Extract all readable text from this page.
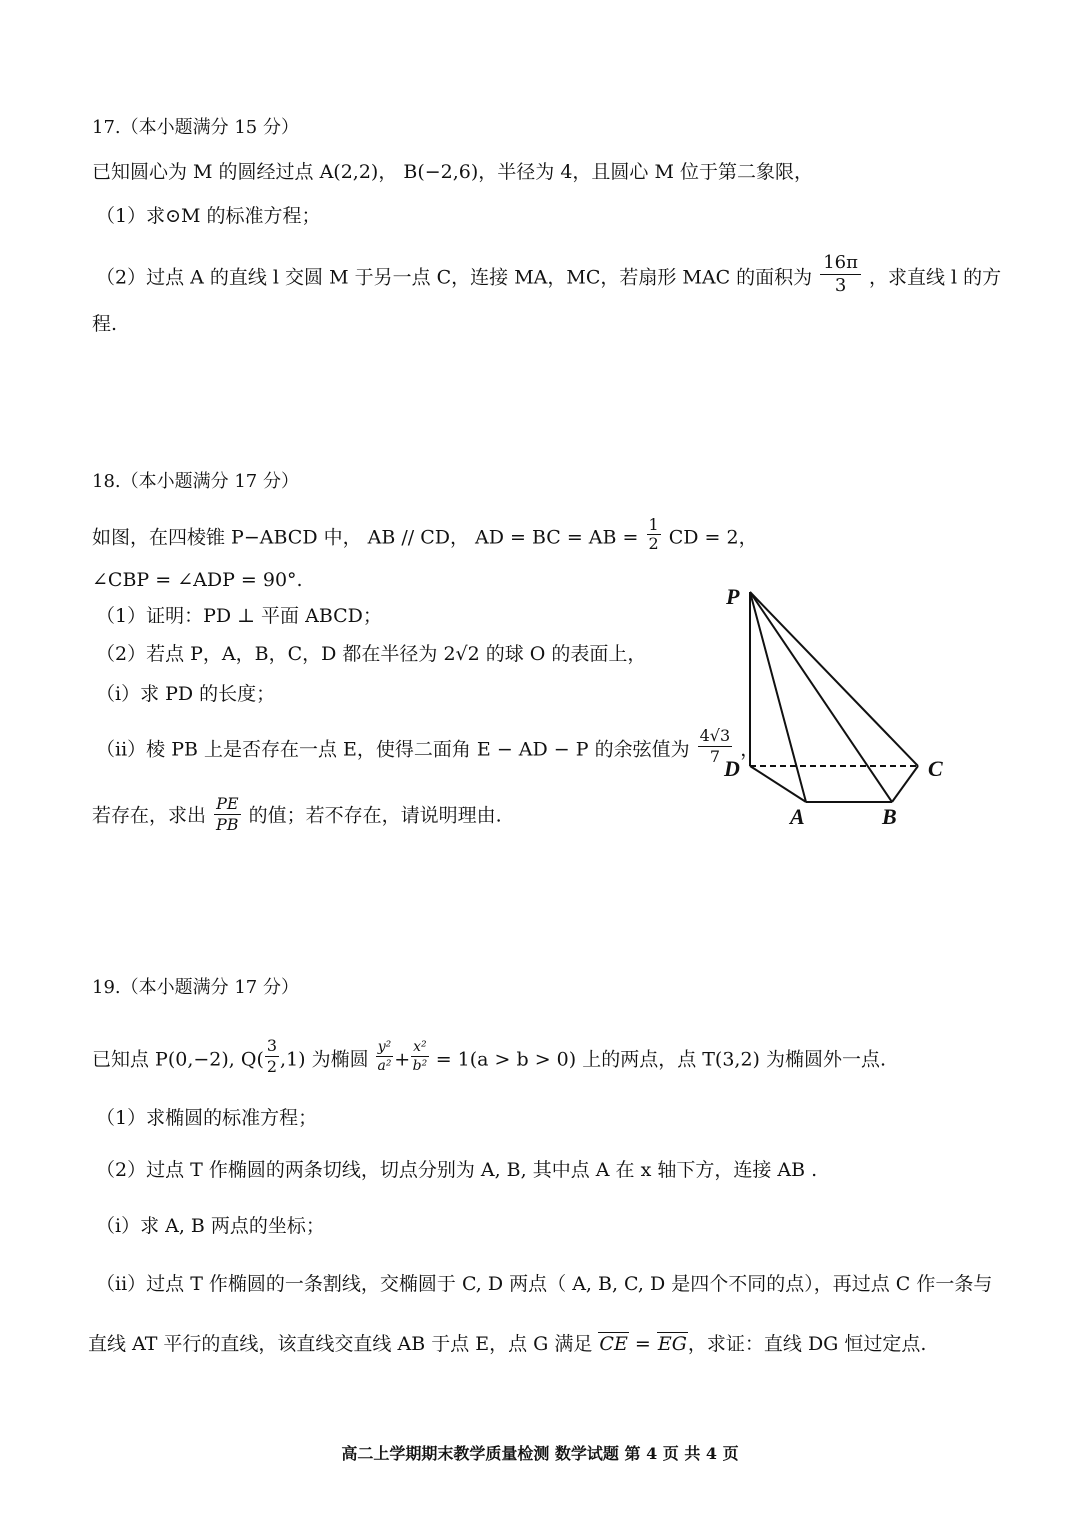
17.（本小题满分 15 分）
已知圆心为 M 的圆经过点 A(2,2)， B(−2,6)，半径为 4，且圆心 M 位于第二象限，
（1）求⊙M 的标准方程；
（2）过点 A 的直线 l 交圆 M 于另一点 C，连接 MA，MC，若扇形 MAC 的面积为 $\frac{16\pi}{3}$ ，求直线 l 的方
程.
18.（本小题满分 17 分）
如图，在四棱锥 P−ABCD 中， AB // CD， AD = BC = AB = $\frac{1}{2}$ CD = 2，
∠CBP = ∠ADP = 90°.
（1）证明：PD ⊥ 平面 ABCD；
（2）若点 P，A，B，C，D 都在半径为 2√2 的球 O 的表面上，
（i）求 PD 的长度；
（ii）棱 PB 上是否存在一点 E，使得二面角 E − AD − P 的余弦值为 $\frac{4√3}{7}$ ，
若存在，求出 $\frac{PE}{PB}$ 的值；若不存在，请说明理由.
P
D	C
A	B
19.（本小题满分 17 分）
已知点 P(0,−2), $Q( \frac{3}{2} ,1)$ 为椭圆 $\frac{\text{y²}}{\text{a²}} + \frac{\text{x²}}{\text{b²}} = 1(a > b > 0)$ 上的两点，点 T(3,2) 为椭圆外一点.
（1）求椭圆的标准方程；
（2）过点 T 作椭圆的两条切线，切点分别为 A, B, 其中点 A 在 x 轴下方，连接 AB .
（i）求 A, B 两点的坐标；
（ii）过点 T 作椭圆的一条割线，交椭圆于 C, D 两点（ A, B, C, D 是四个不同的点），再过点 C 作一条与
直线 AT 平行的直线，该直线交直线 AB 于点 E，点 G 满足 CE = EG，求证：直线 DG 恒过定点.
高二上学期期末教学质量检测 数学试题 第 4 页 共 4 页
